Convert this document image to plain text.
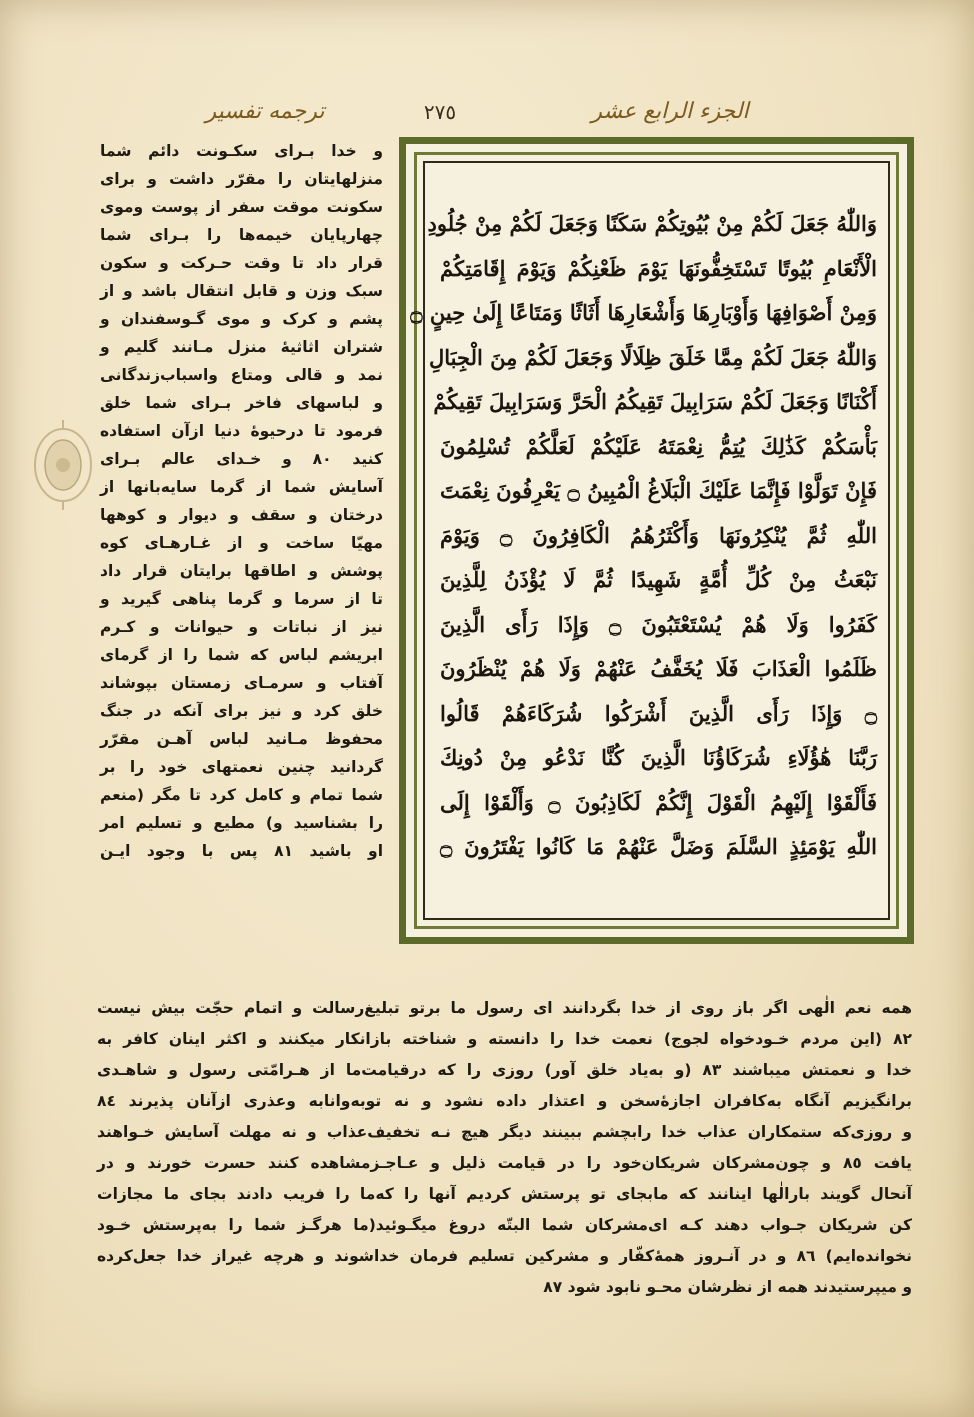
ترجمه تفسیر	٢٧٥	الجزء الرابع عشر
وَاللّٰهُ جَعَلَ لَكُمْ مِنْ بُيُوتِكُمْ سَكَنًا وَجَعَلَ لَكُمْ مِنْ جُلُودِ
الْأَنْعَامِ بُيُوتًا تَسْتَخِفُّونَهَا يَوْمَ ظَعْنِكُمْ وَيَوْمَ إِقَامَتِكُمْ
وَمِنْ أَصْوَافِهَا وَأَوْبَارِهَا وَأَشْعَارِهَا أَثَاثًا وَمَتَاعًا إِلَىٰ حِينٍ ۝
وَاللّٰهُ جَعَلَ لَكُمْ مِمَّا خَلَقَ ظِلَالًا وَجَعَلَ لَكُمْ مِنَ الْجِبَالِ
أَكْنَانًا وَجَعَلَ لَكُمْ سَرَابِيلَ تَقِيكُمُ الْحَرَّ وَسَرَابِيلَ تَقِيكُمْ
بَأْسَكُمْ كَذَٰلِكَ يُتِمُّ نِعْمَتَهُ عَلَيْكُمْ لَعَلَّكُمْ تُسْلِمُونَ
فَإِنْ تَوَلَّوْا فَإِنَّمَا عَلَيْكَ الْبَلَاغُ الْمُبِينُ ۝ يَعْرِفُونَ نِعْمَتَ
اللّٰهِ ثُمَّ يُنْكِرُونَهَا وَأَكْثَرُهُمُ الْكَافِرُونَ ۝ وَيَوْمَ
نَبْعَثُ مِنْ كُلِّ أُمَّةٍ شَهِيدًا ثُمَّ لَا يُؤْذَنُ لِلَّذِينَ
كَفَرُوا وَلَا هُمْ يُسْتَعْتَبُونَ ۝ وَإِذَا رَأَى الَّذِينَ
ظَلَمُوا الْعَذَابَ فَلَا يُخَفَّفُ عَنْهُمْ وَلَا هُمْ يُنْظَرُونَ
۝ وَإِذَا رَأَى الَّذِينَ أَشْرَكُوا شُرَكَاءَهُمْ قَالُوا
رَبَّنَا هَٰؤُلَاءِ شُرَكَاؤُنَا الَّذِينَ كُنَّا نَدْعُو مِنْ دُونِكَ
فَأَلْقَوْا إِلَيْهِمُ الْقَوْلَ إِنَّكُمْ لَكَاذِبُونَ ۝ وَأَلْقَوْا إِلَى
اللّٰهِ يَوْمَئِذٍ السَّلَمَ وَضَلَّ عَنْهُمْ مَا كَانُوا يَفْتَرُونَ ۝
و خدا بـرای سکـونت دائم شما
منزلهایتان را مقرّر داشت و برای
سکونت موقت سفر از پوست وموی
چهارپایان خیمه‌ها را بـرای شما
قرار داد تا وقت حـرکت و سکون
سبک وزن و قابل انتقال باشد و از
پشم و کرک و موی گـوسفندان و
شتران اثاثیهٔ منزل مـانند گلیم و
نمد و قالی ومتاع واسباب‌زندگانی
و لباسهای فاخر بـرای شما خلق
فرمود تا درحیوهٔ دنیا ازآن استفاده
کنید ٨٠ و خـدای عالم بـرای
آسایش شما از گرما سایه‌بانها از
درختان و سقف و دیوار و کوهها
مهیّا ساخت و از غـارهـای کوه
پوشش و اطاقها برایتان قرار داد
تا از سرما و گرما پناهی گیرید و
نیز از نباتات و حیوانات و کـرم
ابریشم لباس که شما را از گرمای
آفتاب و سرمـای زمستان بپوشاند
خلق کرد و نیز برای آنکه در جنگ
محفوظ مـانید لباس آهـن مقرّر
گردانید چنین نعمتهای خود را بر
شما تمام و کامل کرد تا مگر (منعم
را بشناسید و) مطیع و تسلیم امر
او باشید ٨١ پس با وجود ایـن
همه نعم الٰهی اگر باز روی از خدا بگردانند ای رسول ما برتو تبلیغ‌رسالت و اتمام حجّت بیش نیست
٨٢ (این مردم خـودخواه لجوج) نعمت خدا را دانسته و شناخته بازانکار میکنند و اکثر اینان کافر به
خدا و نعمتش میباشند ٨٣ (و به‌یاد خلق آور) روزی را که درقیامت‌ما از هـرامّتی رسول و شاهـدی
برانگیزیم آنگاه به‌کافران اجازهٔ‌سخن و اعتذار داده نشود و نه توبه‌وانابه وعذری ازآنان پذیرند ٨٤
و روزی‌که ستمکاران عذاب خدا رابچشم ببینند دیگر هیچ نـه تخفیف‌عذاب و نه مهلت آسایش خـواهند
یافت ٨٥ و چون‌مشرکان شریکان‌خود را در قیامت ذلیل و عـاجـزمشاهده کنند حسرت خورند و در
آنحال گویند بارالٰها اینانند که مابجای تو پرستش کردیم آنها را که‌ما را فریب دادند بجای ما مجازات
کن شریکان جـواب دهند کـه ای‌مشرکان شما البتّه دروغ میگـوئید(ما هرگـز شما را به‌پرستش خـود
نخوانده‌ایم) ٨٦ و در آنـروز همهٔ‌کفّار و مشرکین تسلیم فرمان خداشوند و هرچه غیراز خدا جعل‌کرده
و میپرستیدند همه از نظرشان محـو نابود شود ٨٧
